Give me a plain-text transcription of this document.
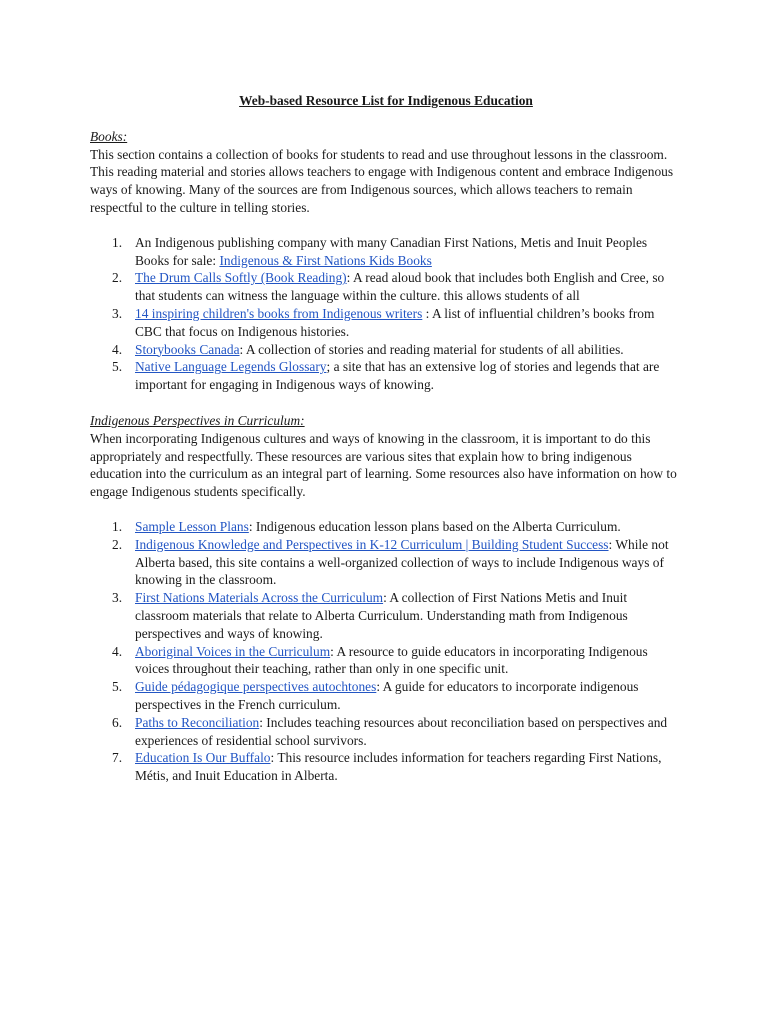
Web-based Resource List for Indigenous Education
Books:
This section contains a collection of books for students to read and use throughout lessons in the classroom. This reading material and stories allows teachers to engage with Indigenous content and embrace Indigenous ways of knowing. Many of the sources are from Indigenous sources, which allows teachers to remain respectful to the culture in telling stories.
1. An Indigenous publishing company with many Canadian First Nations, Metis and Inuit Peoples Books for sale: Indigenous & First Nations Kids Books
2. The Drum Calls Softly (Book Reading): A read aloud book that includes both English and Cree, so that students can witness the language within the culture. this allows students of all
3. 14 inspiring children's books from Indigenous writers : A list of influential children’s books from CBC that focus on Indigenous histories.
4. Storybooks Canada: A collection of stories and reading material for students of all abilities.
5. Native Language Legends Glossary; a site that has an extensive log of stories and legends that are important for engaging in Indigenous ways of knowing.
Indigenous Perspectives in Curriculum:
When incorporating Indigenous cultures and ways of knowing in the classroom, it is important to do this appropriately and respectfully. These resources are various sites that explain how to bring indigenous education into the curriculum as an integral part of learning. Some resources also have information on how to engage Indigenous students specifically.
1. Sample Lesson Plans: Indigenous education lesson plans based on the Alberta Curriculum.
2. Indigenous Knowledge and Perspectives in K-12 Curriculum | Building Student Success: While not Alberta based, this site contains a well-organized collection of ways to include Indigenous ways of knowing in the classroom.
3. First Nations Materials Across the Curriculum: A collection of First Nations Metis and Inuit classroom materials that relate to Alberta Curriculum. Understanding math from Indigenous perspectives and ways of knowing.
4. Aboriginal Voices in the Curriculum: A resource to guide educators in incorporating Indigenous voices throughout their teaching, rather than only in one specific unit.
5. Guide pédagogique perspectives autochtones: A guide for educators to incorporate indigenous perspectives in the French curriculum.
6. Paths to Reconciliation: Includes teaching resources about reconciliation based on perspectives and experiences of residential school survivors.
7. Education Is Our Buffalo: This resource includes information for teachers regarding First Nations, Métis, and Inuit Education in Alberta.
